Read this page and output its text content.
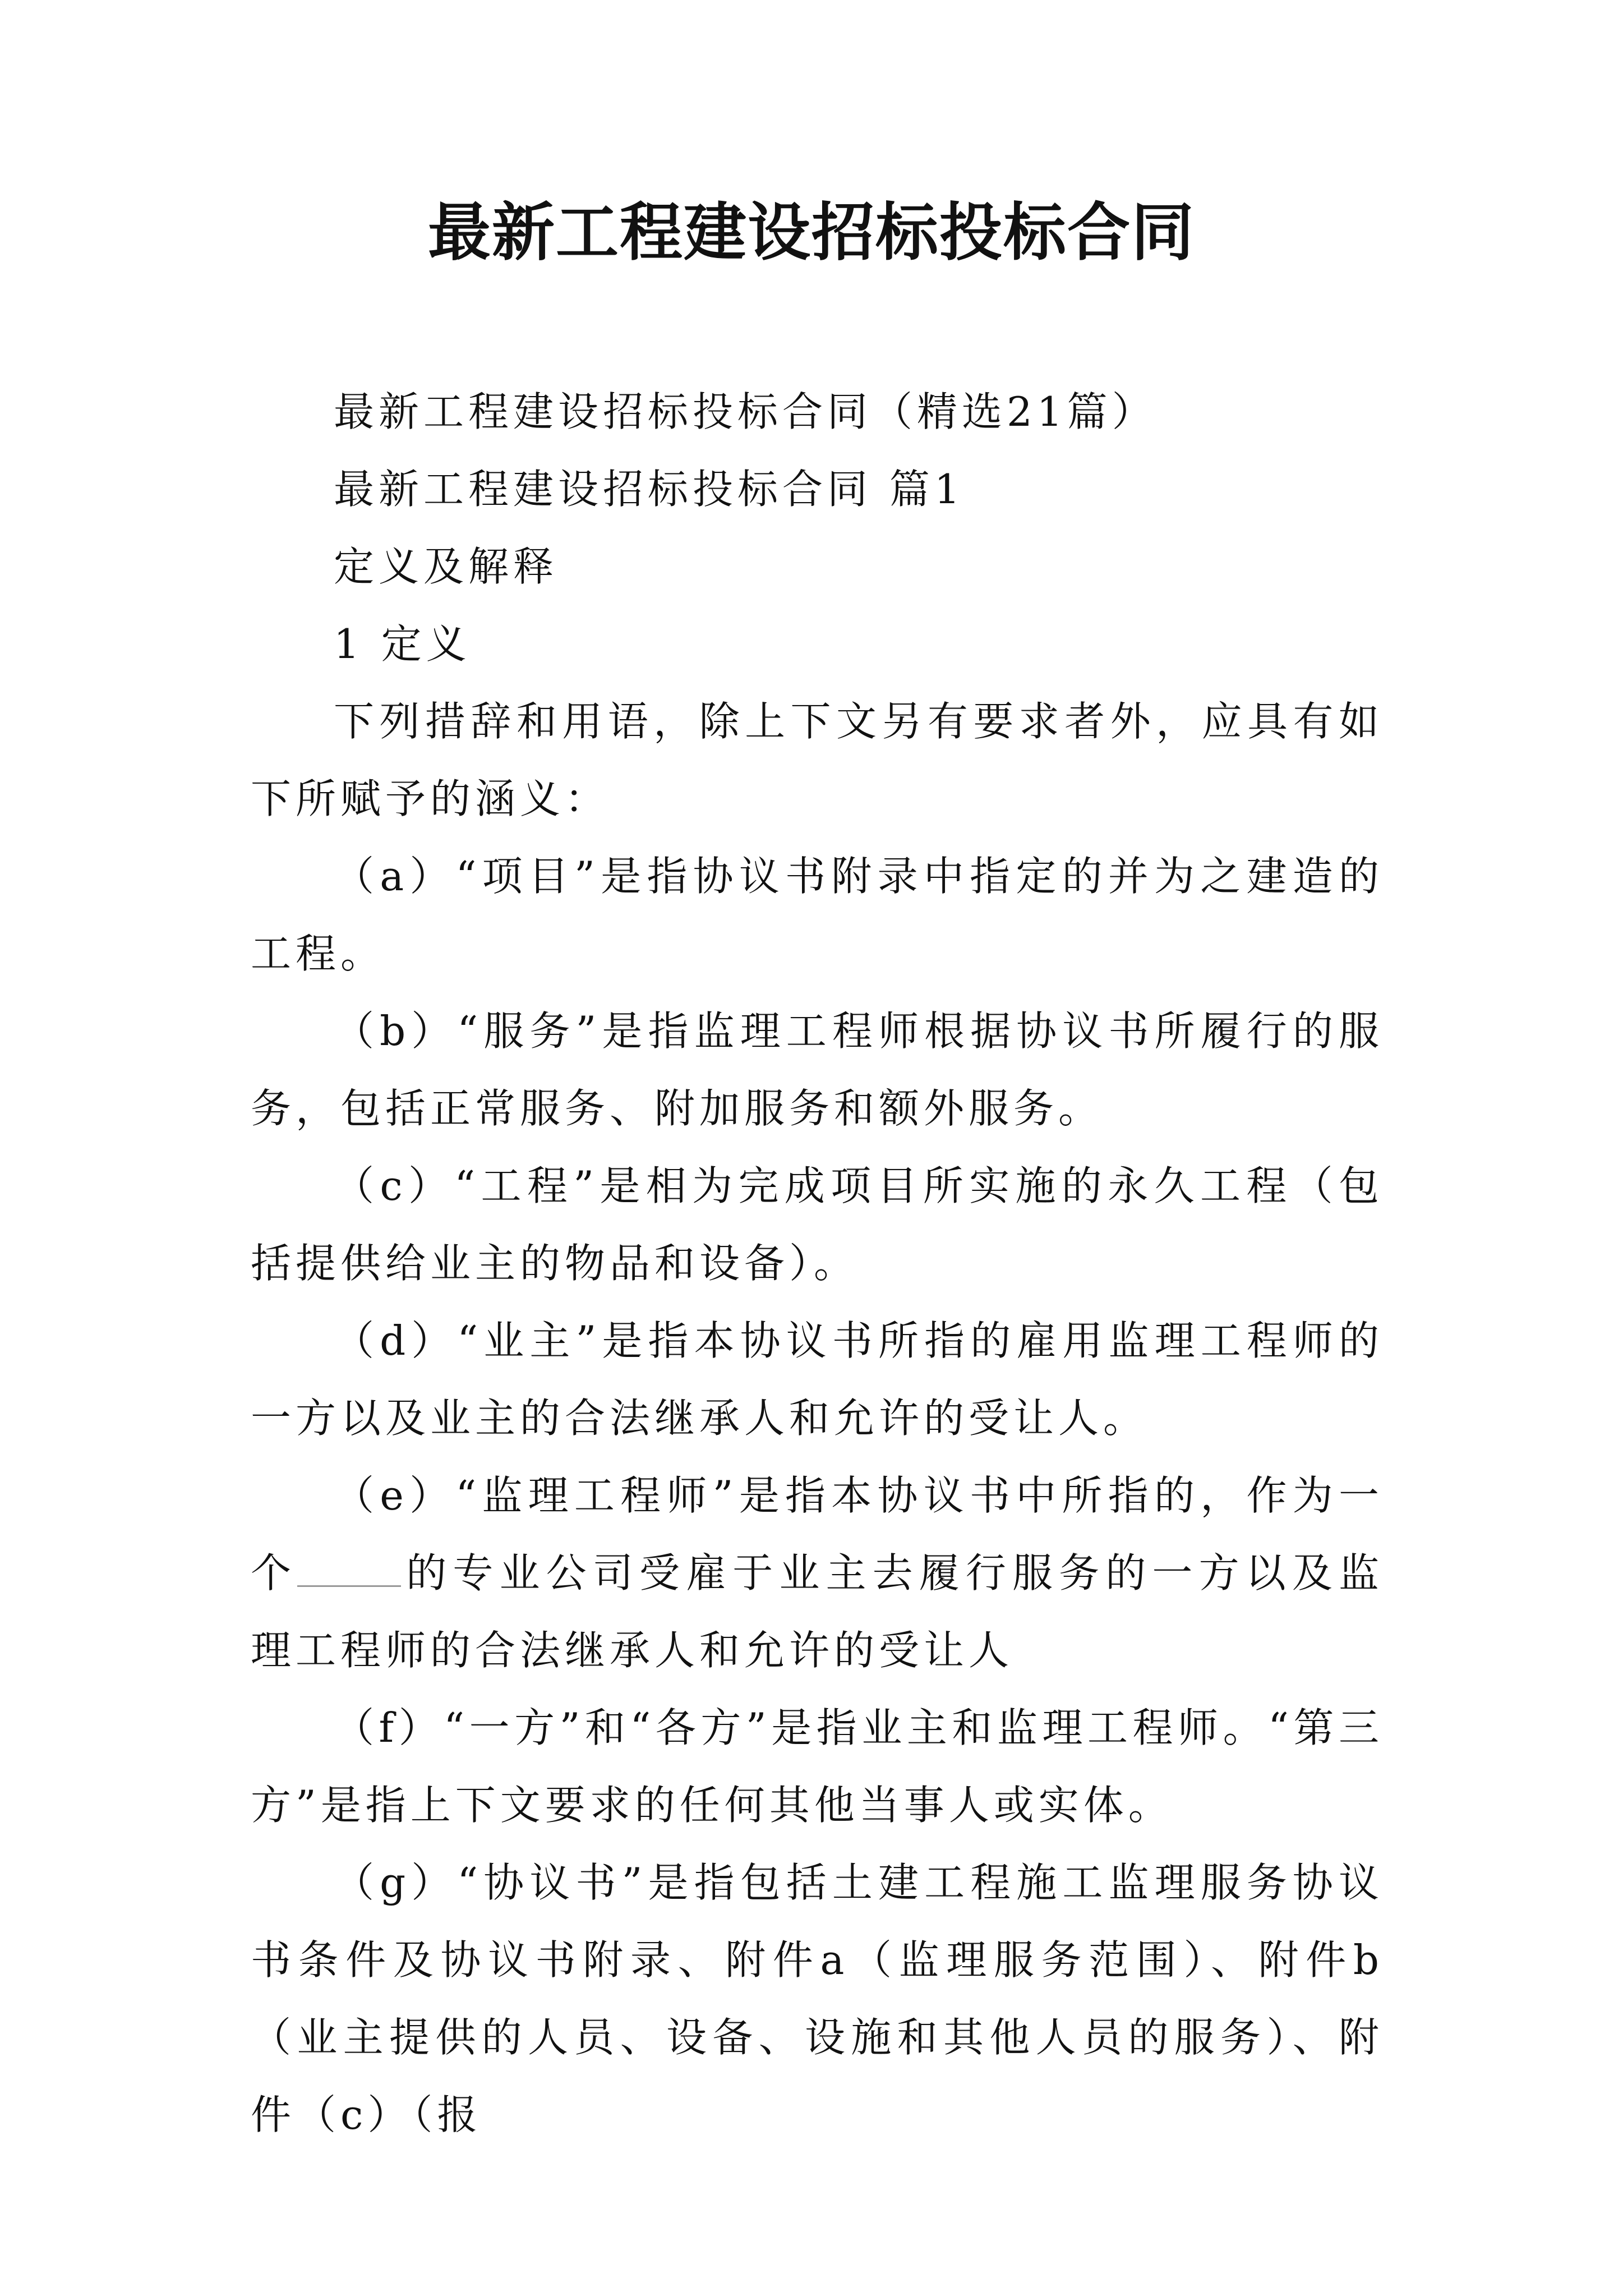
最新工程建设招标投标合同

最新工程建设招标投标合同（精选21篇）

最新工程建设招标投标合同 篇1

定义及解释

1 定义

下列措辞和用语，除上下文另有要求者外，应具有如下所赋予的涵义：

（a）“项目”是指协议书附录中指定的并为之建造的工程。

（b）“服务”是指监理工程师根据协议书所履行的服务，包括正常服务、附加服务和额外服务。

（c）“工程”是相为完成项目所实施的永久工程（包括提供给业主的物品和设备）。

（d）“业主”是指本协议书所指的雇用监理工程师的一方以及业主的合法继承人和允许的受让人。

（e）“监理工程师”是指本协议书中所指的，作为一个	的专业公司受雇于业主去履行服务的一方以及监理工程师的合法继承人和允许的受让人

（f）“一方”和“各方”是指业主和监理工程师。“第三方”是指上下文要求的任何其他当事人或实体。

（g）“协议书”是指包括土建工程施工监理服务协议书条件及协议书附录、附件a（监理服务范围）、附件b（业主提供的人员、设备、设施和其他人员的服务）、附件（c）（报
